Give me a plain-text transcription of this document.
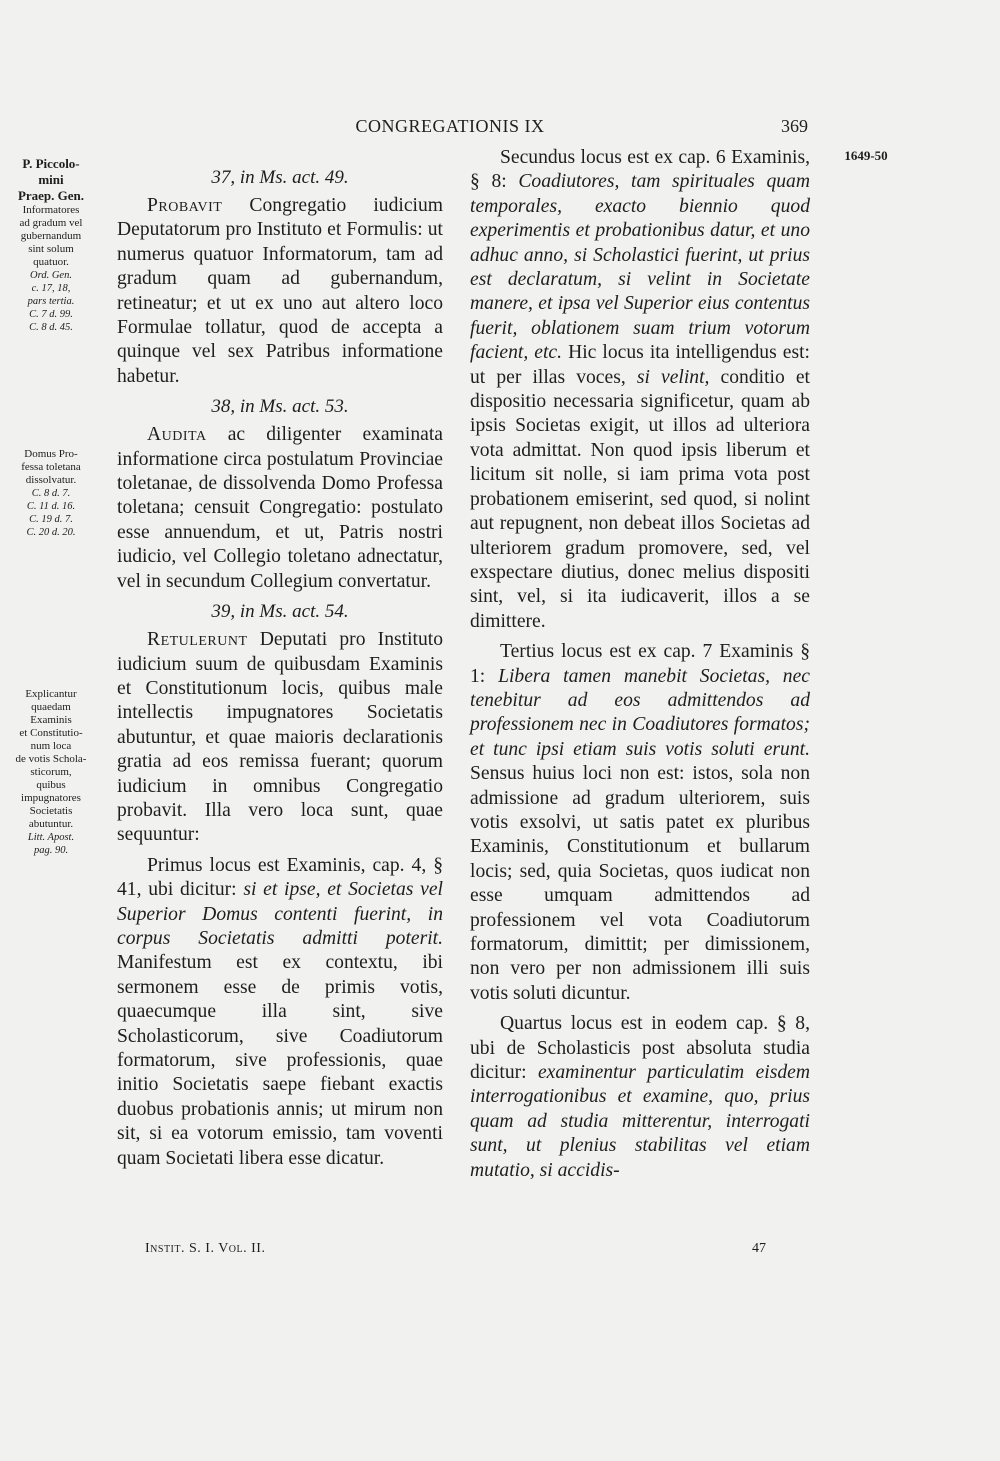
CONGREGATIONIS IX	369
P. Piccolo-
mini
Praep. Gen.
Informatores
ad gradum vel
gubernandum
sint solum
quatuor.
Ord. Gen.
c. 17, 18,
pars tertia.
C. 7 d. 99.
C. 8 d. 45.
Domus Pro-
fessa toletana
dissolvatur.
C. 8 d. 7.
C. 11 d. 16.
C. 19 d. 7.
C. 20 d. 20.
Explicantur
quaedam
Examinis
et Constitutio-
num loca
de votis Schola-
sticorum,
quibus
impugnatores
Societatis
abutuntur.
Litt. Apost.
pag. 90.
1649-50
37, in Ms. act. 49.

Probavit Congregatio iudicium Deputatorum pro Instituto et Formulis: ut numerus quatuor Informatorum, tam ad gradum quam ad gubernandum, retineatur; et ut ex uno aut altero loco Formulae tollatur, quod de accepta a quinque vel sex Patribus informatione habetur.

38, in Ms. act. 53.

Audita ac diligenter examinata informatione circa postulatum Provinciae toletanae, de dissolvenda Domo Professa toletana; censuit Congregatio: postulato esse annuendum, et ut, Patris nostri iudicio, vel Collegio toletano adnectatur, vel in secundum Collegium convertatur.

39, in Ms. act. 54.

Retulerunt Deputati pro Instituto iudicium suum de quibusdam Examinis et Constitutionum locis, quibus male intellectis impugnatores Societatis abutuntur, et quae maioris declarationis gratia ad eos remissa fuerant; quorum iudicium in omnibus Congregatio probavit. Illa vero loca sunt, quae sequuntur:

Primus locus est Examinis, cap. 4, § 41, ubi dicitur: si et ipse, et Societas vel Superior Domus contenti fuerint, in corpus Societatis admitti poterit. Manifestum est ex contextu, ibi sermonem esse de primis votis, quaecumque illa sint, sive Scholasticorum, sive Coadiutorum formatorum, sive professionis, quae initio Societatis saepe fiebant exactis duobus probationis annis; ut mirum non sit, si ea votorum emissio, tam voventi quam Societati libera esse dicatur.

Secundus locus est ex cap. 6 Examinis, § 8: Coadiutores, tam spirituales quam temporales, exacto biennio quod experimentis et probationibus datur, et uno adhuc anno, si Scholastici fuerint, ut prius est declaratum, si velint in Societate manere, et ipsa vel Superior eius contentus fuerit, oblationem suam trium votorum facient, etc. Hic locus ita intelligendus est: ut per illas voces, si velint, conditio et dispositio necessaria significetur, quam ab ipsis Societas exigit, ut illos ad ulteriora vota admittat. Non quod ipsis liberum et licitum sit nolle, si iam prima vota post probationem emiserint, sed quod, si nolint aut repugnent, non debeat illos Societas ad ulteriorem gradum promovere, sed, vel exspectare diutius, donec melius dispositi sint, vel, si ita iudicaverit, illos a se dimittere.

Tertius locus est ex cap. 7 Examinis § 1: Libera tamen manebit Societas, nec tenebitur ad eos admittendos ad professionem nec in Coadiutores formatos; et tunc ipsi etiam suis votis soluti erunt. Sensus huius loci non est: istos, sola non admissione ad gradum ulteriorem, suis votis exsolvi, ut satis patet ex pluribus Examinis, Constitutionum et bullarum locis; sed, quia Societas, quos iudicat non esse umquam admittendos ad professionem vel vota Coadiutorum formatorum, dimittit; per dimissionem, non vero per non admissionem illi suis votis soluti dicuntur.

Quartus locus est in eodem cap. § 8, ubi de Scholasticis post absoluta studia dicitur: examinentur particulatim eisdem interrogationibus et examine, quo, prius quam ad studia mitterentur, interrogati sunt, ut plenius stabilitas vel etiam mutatio, si accidis-

Instit. S. I. Vol. II.	47
